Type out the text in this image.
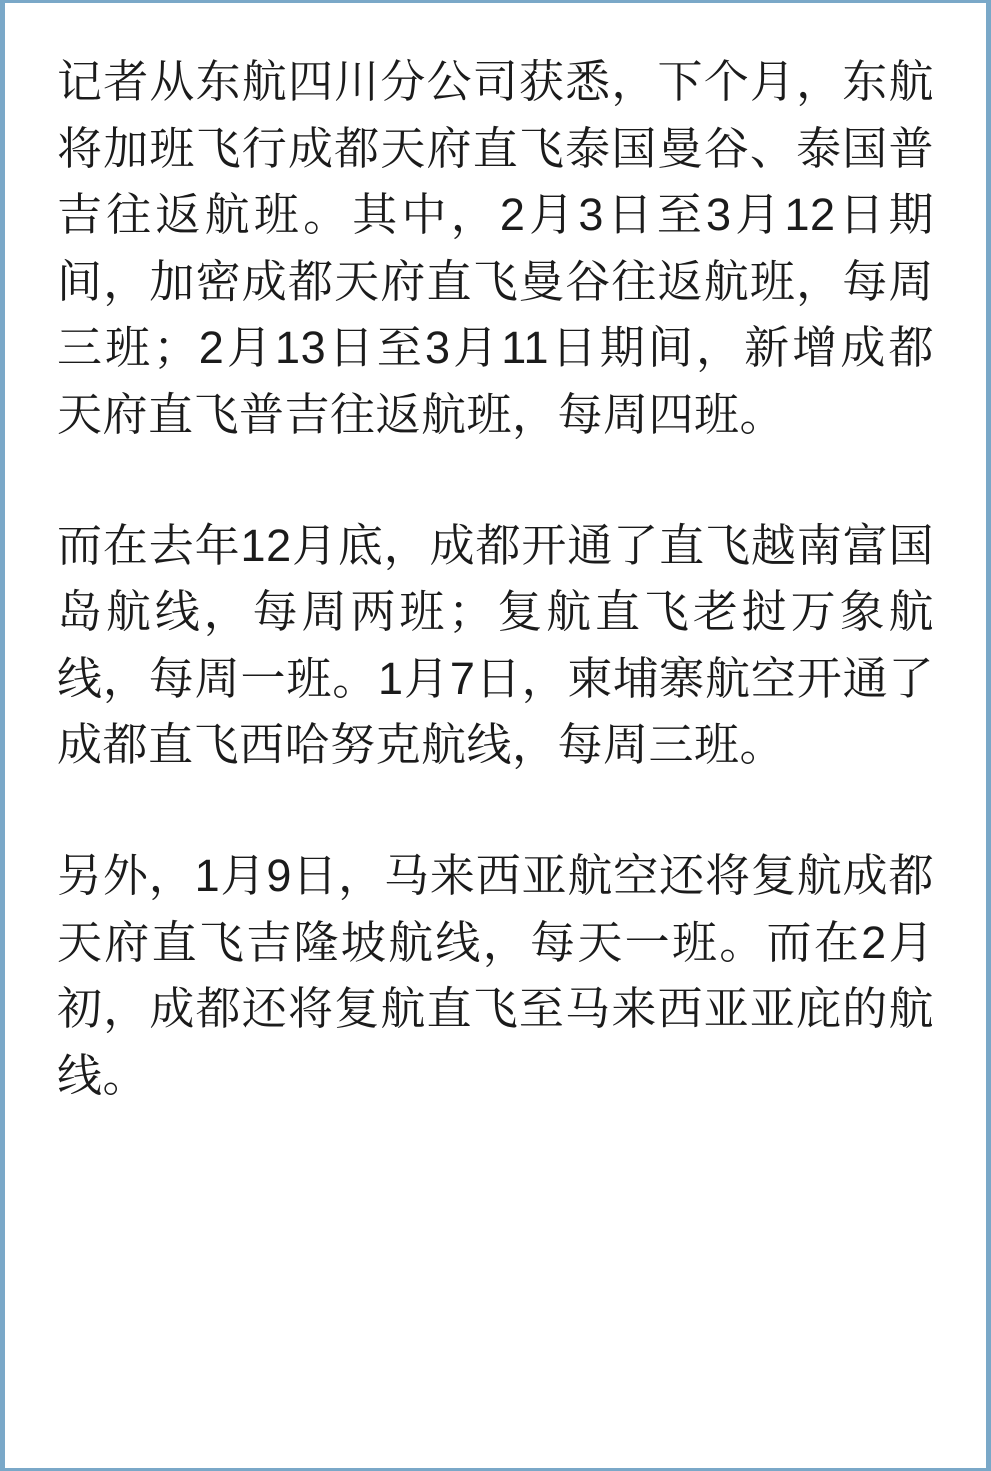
记者从东航四川分公司获悉，下个月，东航将加班飞行成都天府直飞泰国曼谷、泰国普吉往返航班。其中，2月3日至3月12日期间，加密成都天府直飞曼谷往返航班，每周三班；2月13日至3月11日期间，新增成都天府直飞普吉往返航班，每周四班。

而在去年12月底，成都开通了直飞越南富国岛航线，每周两班；复航直飞老挝万象航线，每周一班。1月7日，柬埔寨航空开通了成都直飞西哈努克航线，每周三班。

另外，1月9日，马来西亚航空还将复航成都天府直飞吉隆坡航线，每天一班。而在2月初，成都还将复航直飞至马来西亚亚庇的航线。
